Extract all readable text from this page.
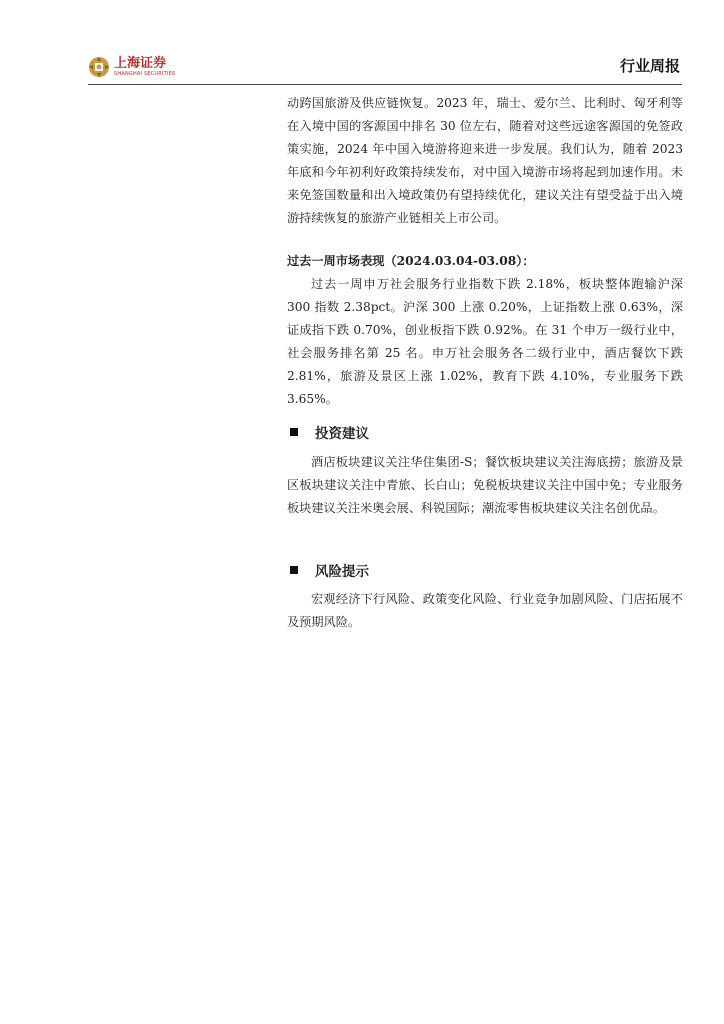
上海证券
SHANGHAI SECURITIES	行业周报

动跨国旅游及供应链恢复。2023 年，瑞士、爱尔兰、比利时、匈牙利等在入境中国的客源国中排名 30 位左右，随着对这些远途客源国的免签政策实施，2024 年中国入境游将迎来进一步发展。我们认为，随着 2023 年底和今年初利好政策持续发布，对中国入境游市场将起到加速作用。未来免签国数量和出入境政策仍有望持续优化，建议关注有望受益于出入境游持续恢复的旅游产业链相关上市公司。

过去一周市场表现（2024.03.04-03.08）：

过去一周申万社会服务行业指数下跌 2.18%，板块整体跑输沪深 300 指数 2.38pct。沪深 300 上涨 0.20%，上证指数上涨 0.63%，深证成指下跌 0.70%，创业板指下跌 0.92%。在 31 个申万一级行业中，社会服务排名第 25 名。申万社会服务各二级行业中，酒店餐饮下跌 2.81%，旅游及景区上涨 1.02%，教育下跌 4.10%，专业服务下跌 3.65%。

投资建议

酒店板块建议关注华住集团-S；餐饮板块建议关注海底捞；旅游及景区板块建议关注中青旅、长白山；免税板块建议关注中国中免；专业服务板块建议关注米奥会展、科锐国际；潮流零售板块建议关注名创优品。

风险提示

宏观经济下行风险、政策变化风险、行业竞争加剧风险、门店拓展不及预期风险。
